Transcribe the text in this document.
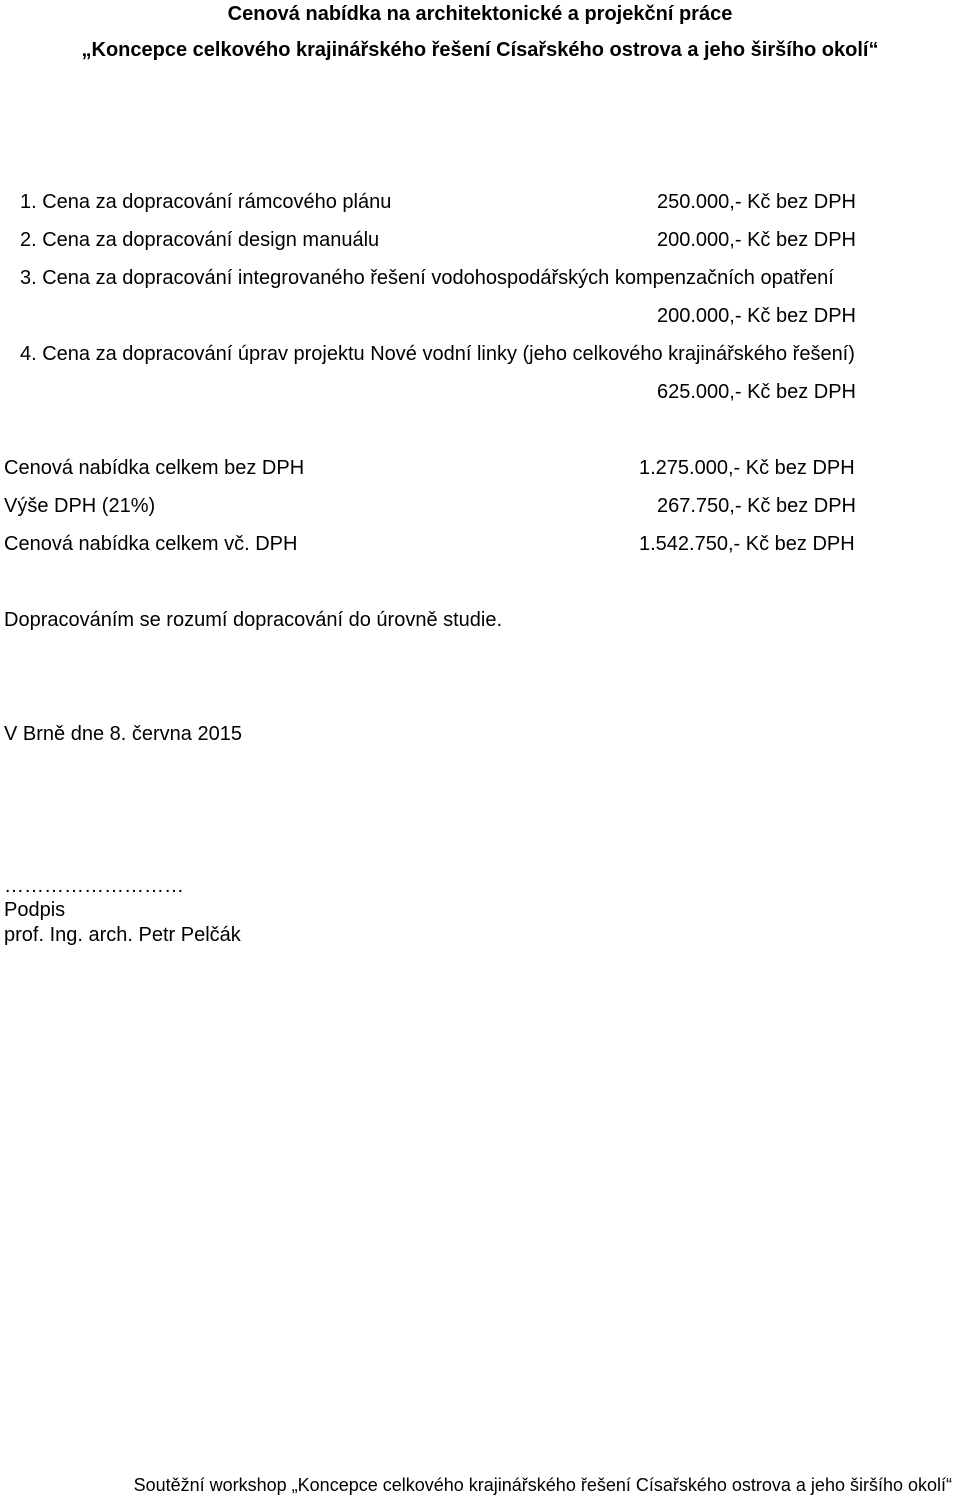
Cenová nabídka na architektonické a projekční práce
„Koncepce celkového krajinářského řešení Císařského ostrova a jeho širšího okolí“
1. Cena za dopracování rámcového plánu	250.000,- Kč bez DPH
2. Cena za dopracování design manuálu	200.000,- Kč bez DPH
3. Cena za dopracování integrovaného řešení vodohospodářských kompenzačních opatření
200.000,- Kč bez DPH
4. Cena za dopracování úprav projektu Nové vodní linky (jeho celkového krajinářského řešení)
625.000,- Kč bez DPH
Cenová nabídka celkem bez DPH	1.275.000,- Kč bez DPH
Výše DPH (21%)	267.750,- Kč bez DPH
Cenová nabídka celkem vč. DPH	1.542.750,- Kč bez DPH
Dopracováním se rozumí dopracování do úrovně studie.
V Brně dne 8. června 2015
………………………
Podpis
prof. Ing. arch. Petr Pelčák
Soutěžní workshop „Koncepce celkového krajinářského řešení Císařského ostrova a jeho širšího okolí“
